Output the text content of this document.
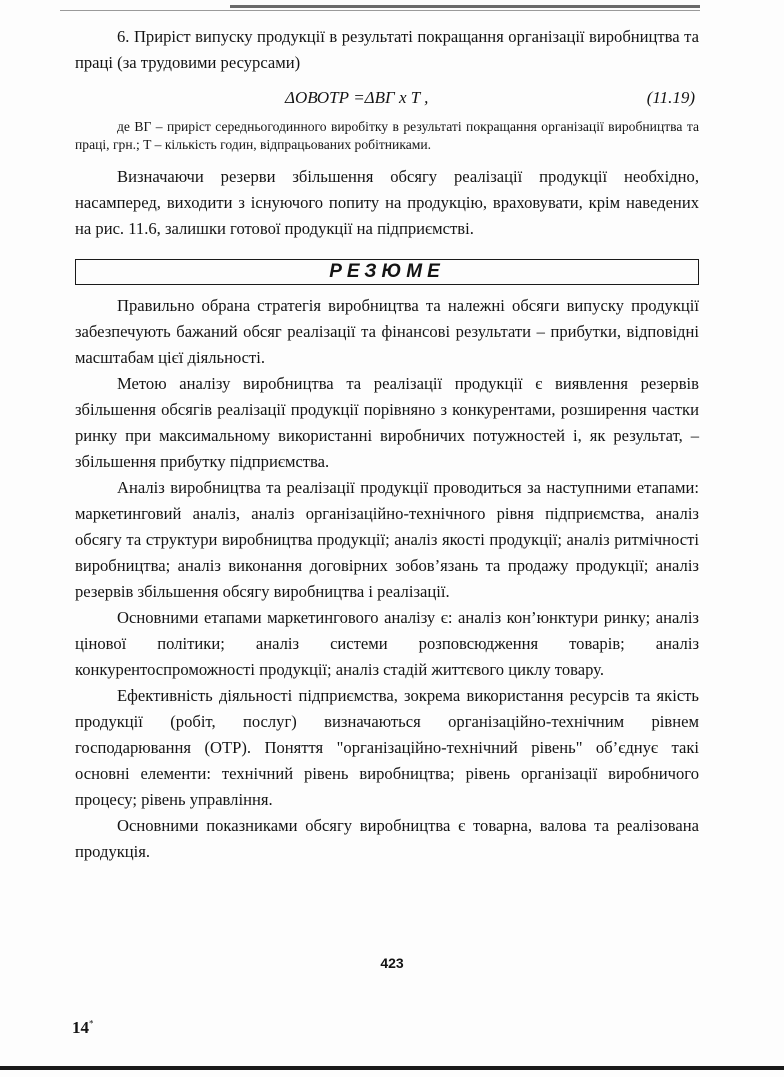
6. Приріст випуску продукції в результаті покращання організації виробництва та праці (за трудовими ресурсами)

ΔОВОТР =ΔВГ x T ,	(11.19)

де ВГ – приріст середньогодинного виробітку в результаті покращання організації виробництва та праці, грн.; T – кількість годин, відпрацьованих робітниками.

Визначаючи резерви збільшення обсягу реалізації продукції необхідно, насамперед, виходити з існуючого попиту на продукцію, враховувати, крім наведених на рис. 11.6, залишки готової продукції на підприємстві.

РЕЗЮМЕ

Правильно обрана стратегія виробництва та належні обсяги випуску продукції забезпечують бажаний обсяг реалізації та фінансові результати – прибутки, відповідні масштабам цієї діяльності.

Метою аналізу виробництва та реалізації продукції є виявлення резервів збільшення обсягів реалізації продукції порівняно з конкурентами, розширення частки ринку при максимальному використанні виробничих потужностей і, як результат, – збільшення прибутку підприємства.

Аналіз виробництва та реалізації продукції проводиться за наступними етапами: маркетинговий аналіз, аналіз організаційно-технічного рівня підприємства, аналіз обсягу та структури виробництва продукції; аналіз якості продукції; аналіз ритмічності виробництва; аналіз виконання договірних зобов’язань та продажу продукції; аналіз резервів збільшення обсягу виробництва і реалізації.

Основними етапами маркетингового аналізу є: аналіз кон’юнктури ринку; аналіз цінової політики; аналіз системи розповсюдження товарів; аналіз конкурентоспроможності продукції; аналіз стадій життєвого циклу товару.

Ефективність діяльності підприємства, зокрема використання ресурсів та якість продукції (робіт, послуг) визначаються організаційно-технічним рівнем господарювання (ОТР). Поняття "організаційно-технічний рівень" об’єднує такі основні елементи: технічний рівень виробництва; рівень організації виробничого процесу; рівень управління.

Основними показниками обсягу виробництва є товарна, валова та реалізована продукція.

423
14*
